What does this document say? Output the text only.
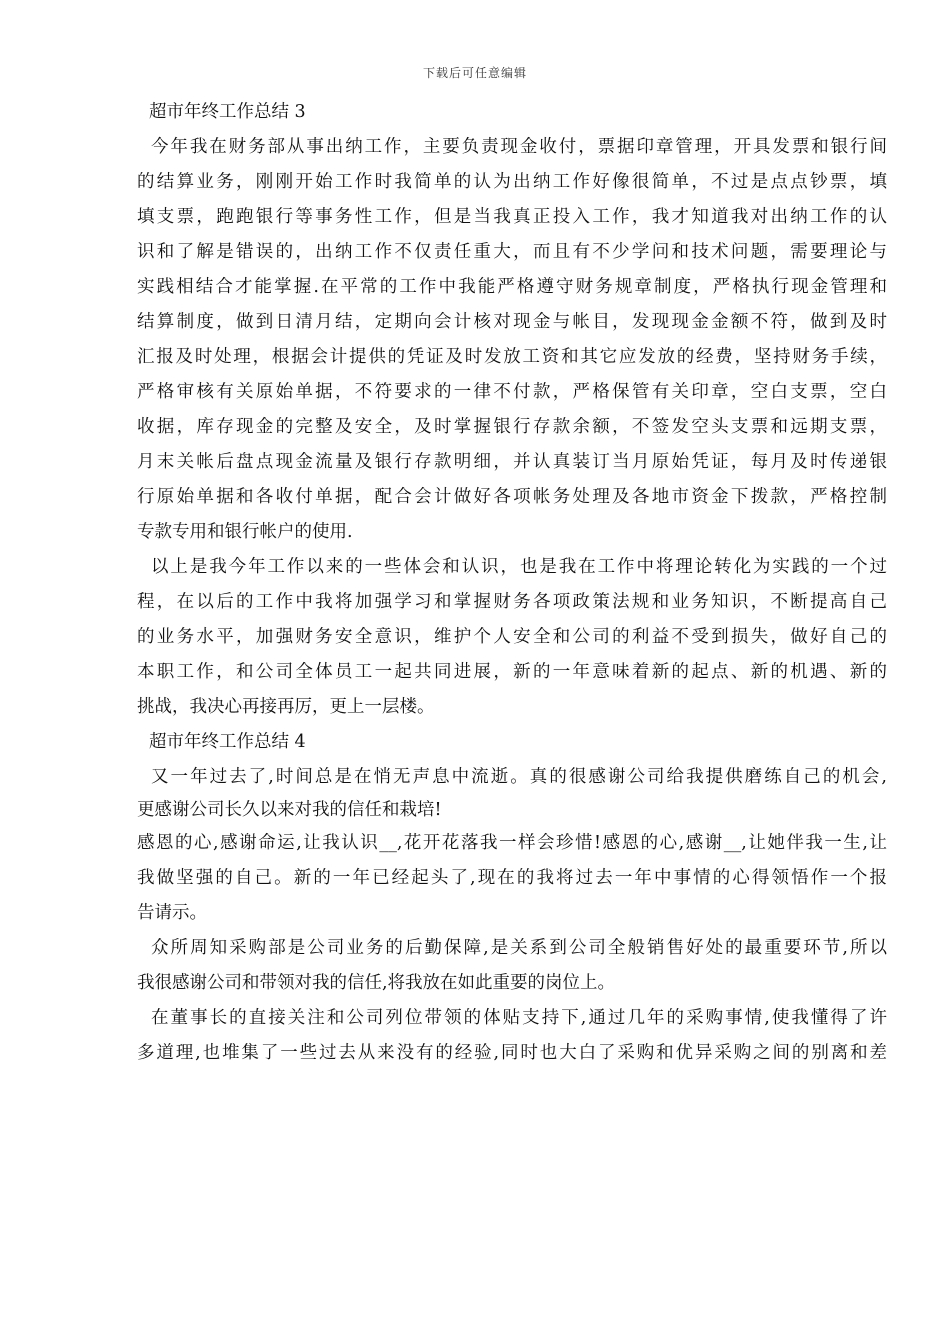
下载后可任意编辑

超市年终工作总结 3

今年我在财务部从事出纳工作，主要负责现金收付，票据印章管理，开具发票和银行间

的结算业务，刚刚开始工作时我简单的认为出纳工作好像很简单，不过是点点钞票，填

填支票，跑跑银行等事务性工作，但是当我真正投入工作，我才知道我对出纳工作的认

识和了解是错误的，出纳工作不仅责任重大，而且有不少学问和技术问题，需要理论与

实践相结合才能掌握.在平常的工作中我能严格遵守财务规章制度，严格执行现金管理和

结算制度，做到日清月结，定期向会计核对现金与帐目，发现现金金额不符，做到及时

汇报及时处理，根据会计提供的凭证及时发放工资和其它应发放的经费，坚持财务手续，

严格审核有关原始单据，不符要求的一律不付款，严格保管有关印章，空白支票，空白

收据，库存现金的完整及安全，及时掌握银行存款余额，不签发空头支票和远期支票，

月末关帐后盘点现金流量及银行存款明细，并认真装订当月原始凭证，每月及时传递银

行原始单据和各收付单据，配合会计做好各项帐务处理及各地市资金下拨款，严格控制

专款专用和银行帐户的使用.

以上是我今年工作以来的一些体会和认识，也是我在工作中将理论转化为实践的一个过

程，在以后的工作中我将加强学习和掌握财务各项政策法规和业务知识，不断提高自己

的业务水平，加强财务安全意识，维护个人安全和公司的利益不受到损失，做好自己的

本职工作，和公司全体员工一起共同进展，新的一年意味着新的起点、新的机遇、新的

挑战，我决心再接再厉，更上一层楼。

超市年终工作总结 4

又一年过去了,时间总是在悄无声息中流逝。真的很感谢公司给我提供磨练自己的机会,

更感谢公司长久以来对我的信任和栽培!

感恩的心,感谢命运,让我认识__,花开花落我一样会珍惜!感恩的心,感谢__,让她伴我一生,让

我做坚强的自己。新的一年已经起头了,现在的我将过去一年中事情的心得领悟作一个报

告请示。

众所周知采购部是公司业务的后勤保障,是关系到公司全般销售好处的最重要环节,所以

我很感谢公司和带领对我的信任,将我放在如此重要的岗位上。

在董事长的直接关注和公司列位带领的体贴支持下,通过几年的采购事情,使我懂得了许

多道理,也堆集了一些过去从来没有的经验,同时也大白了采购和优异采购之间的别离和差
